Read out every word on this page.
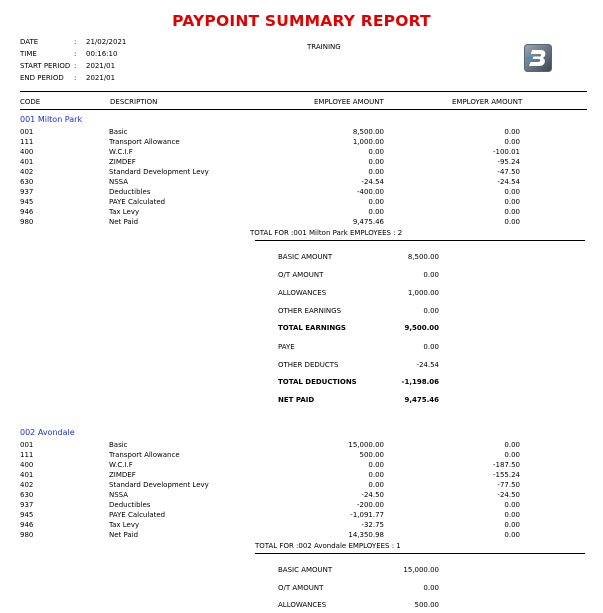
PAYPOINT SUMMARY REPORT
DATE	: 21/02/2021
TIME	: 00:16:10
START PERIOD : 2021/01
END PERIOD	: 2021/01
TRAINING
CODE	DESCRIPTION	EMPLOYEE AMOUNT	EMPLOYER AMOUNT
001 Milton Park
001	Basic	8,500.00	0.00
111	Transport Allowance	1,000.00	0.00
400	W.C.I.F	0.00	-100.01
401	ZIMDEF	0.00	-95.24
402	Standard Development Levy	0.00	-47.50
630	NSSA	-24.54	-24.54
937	Deductibles	-400.00	0.00
945	PAYE Calculated	0.00	0.00
946	Tax Levy	0.00	0.00
980	Net Paid	9,475.46	0.00
TOTAL FOR :001 Milton Park EMPLOYEES : 2
BASIC AMOUNT	8,500.00
O/T AMOUNT	0.00
ALLOWANCES	1,000.00
OTHER EARNINGS	0.00
TOTAL EARNINGS	9,500.00
PAYE	0.00
OTHER DEDUCTS	-24.54
TOTAL DEDUCTIONS	-1,198.06
NET PAID	9,475.46
002 Avondale
001	Basic	15,000.00	0.00
111	Transport Allowance	500.00	0.00
400	W.C.I.F	0.00	-187.50
401	ZIMDEF	0.00	-155.24
402	Standard Development Levy	0.00	-77.50
630	NSSA	-24.50	-24.50
937	Deductibles	-200.00	0.00
945	PAYE Calculated	-1,091.77	0.00
946	Tax Levy	-32.75	0.00
980	Net Paid	14,350.98	0.00
TOTAL FOR :002 Avondale EMPLOYEES : 1
BASIC AMOUNT	15,000.00
O/T AMOUNT	0.00
ALLOWANCES	500.00
